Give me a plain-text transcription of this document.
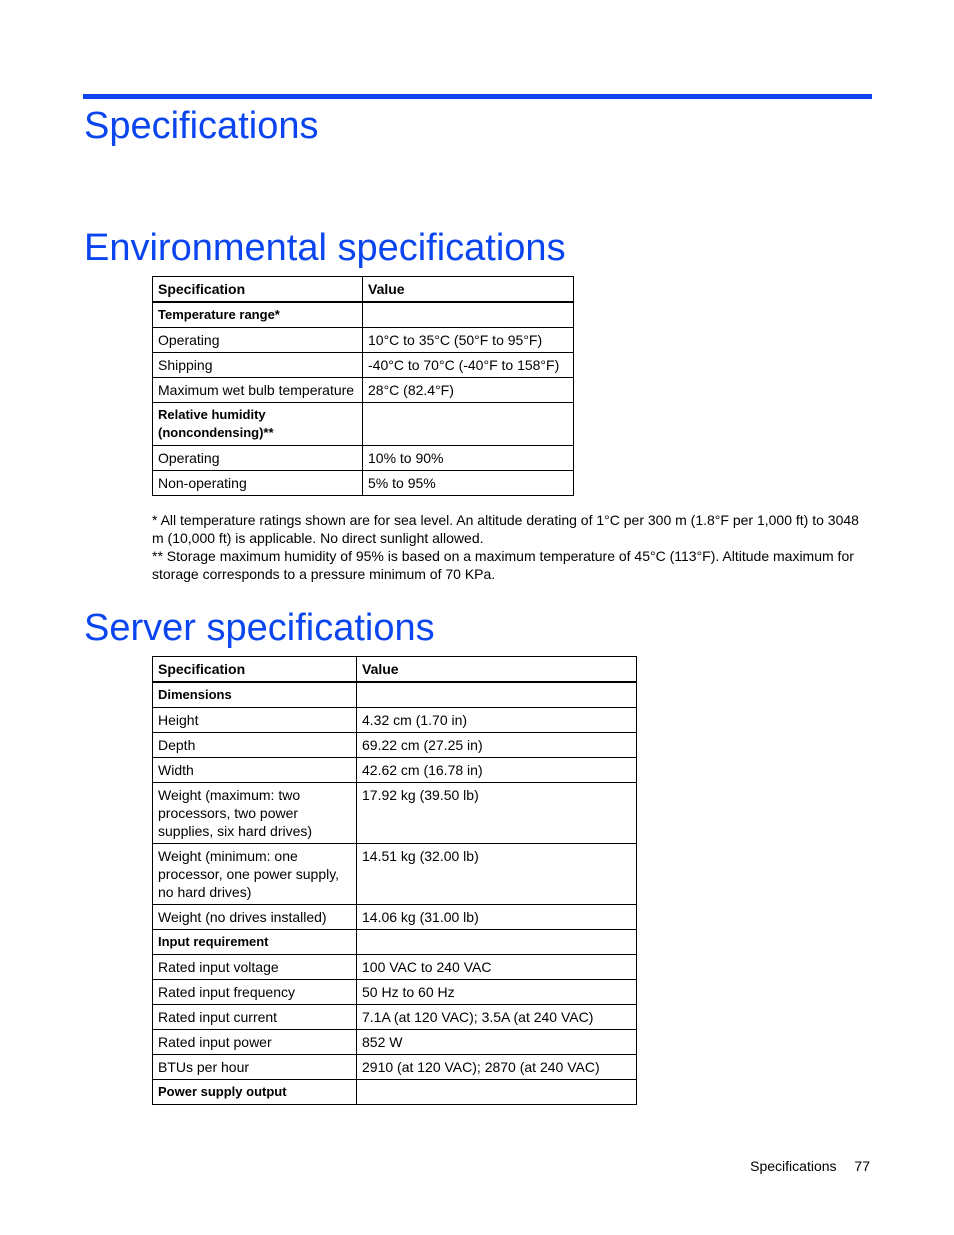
Specifications
Environmental specifications
Specification	Value
Temperature range*	
Operating	10°C to 35°C (50°F to 95°F)
Shipping	-40°C to 70°C (-40°F to 158°F)
Maximum wet bulb temperature	28°C (82.4°F)
Relative humidity (noncondensing)**	
Operating	10% to 90%
Non-operating	5% to 95%

* All temperature ratings shown are for sea level. An altitude derating of 1°C per 300 m (1.8°F per 1,000 ft) to 3048 m (10,000 ft) is applicable. No direct sunlight allowed.

** Storage maximum humidity of 95% is based on a maximum temperature of 45°C (113°F). Altitude maximum for storage corresponds to a pressure minimum of 70 KPa.

Server specifications
Specification	Value
Dimensions	
Height	4.32 cm (1.70 in)
Depth	69.22 cm (27.25 in)
Width	42.62 cm (16.78 in)
Weight (maximum: two processors, two power supplies, six hard drives)	17.92 kg (39.50 lb)
Weight (minimum: one processor, one power supply, no hard drives)	14.51 kg (32.00 lb)
Weight (no drives installed)	14.06 kg (31.00 lb)
Input requirement	
Rated input voltage	100 VAC to 240 VAC
Rated input frequency	50 Hz to 60 Hz
Rated input current	7.1A (at 120 VAC); 3.5A (at 240 VAC)
Rated input power	852 W
BTUs per hour	2910 (at 120 VAC); 2870 (at 240 VAC)
Power supply output	
Specifications 77
